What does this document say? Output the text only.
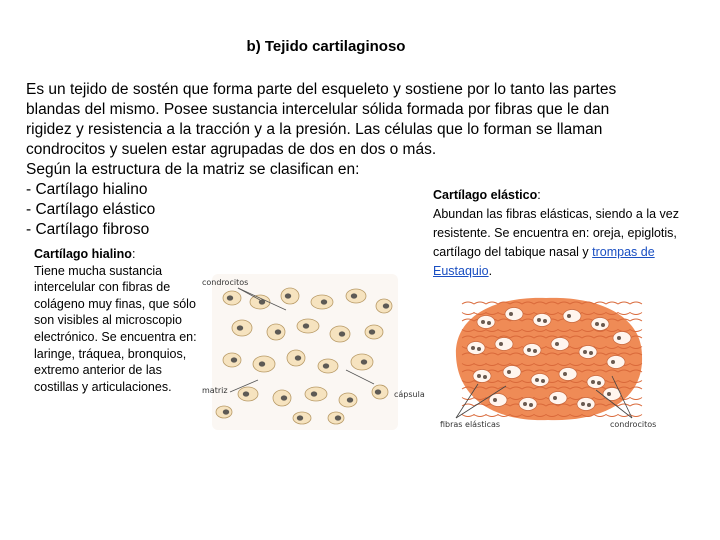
b) Tejido cartilaginoso
Es un tejido de sostén que forma parte del esqueleto y sostiene por lo tanto las partes
blandas del mismo. Posee sustancia intercelular sólida formada por fibras que le dan
rigidez y resistencia a la tracción y a la presión. Las células que lo forman se llaman
condrocitos y suelen estar agrupadas de dos en dos o más.
Según la estructura de la matriz se clasifican en:
- Cartílago hialino
- Cartílago elástico
- Cartílago fibroso
Cartílago hialino:
Tiene mucha sustancia intercelular con fibras de colágeno muy finas, que sólo son visibles al microscopio electrónico. Se encuentra en: laringe, tráquea, bronquios, extremo anterior de las costillas y articulaciones.
Cartílago elástico:
Abundan las fibras elásticas, siendo a la vez resistente. Se encuentra en: oreja, epiglotis, cartílago del tabique nasal y trompas de Eustaquio.
condrocitos
matriz	cápsula
fibras elásticas	condrocitos
